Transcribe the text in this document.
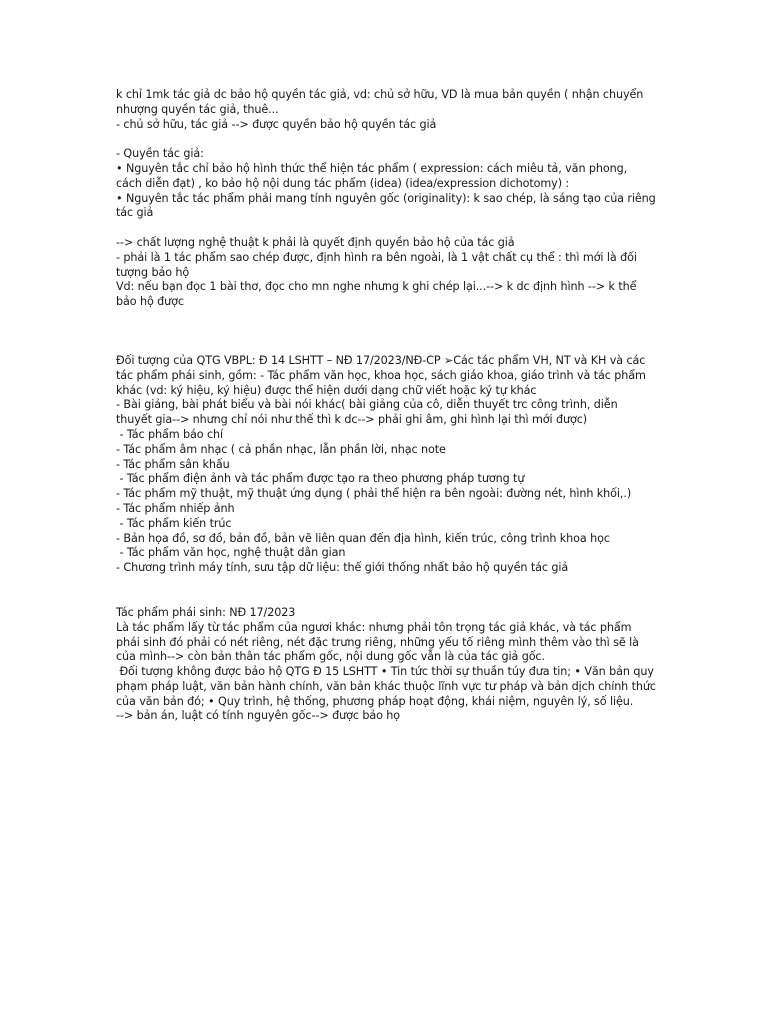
k chỉ 1mk tác giả dc bảo hộ quyền tác giả, vd: chủ sở hữu, VD là mua bản quyền ( nhận chuyển nhượng quyền tác giả, thuê...
- chủ sở hữu, tác giả --> được quyền bảo hộ quyền tác giả
- Quyền tác giả:
• Nguyên tắc chỉ bảo hộ hình thức thể hiện tác phẩm ( expression: cách miêu tả, văn phong, cách diễn đạt) , ko bảo hộ nội dung tác phẩm (idea) (idea/expression dichotomy) :
• Nguyên tắc tác phẩm phải mang tính nguyên gốc (originality): k sao chép, là sáng tạo của riêng tác giả
--> chất lượng nghệ thuật k phải là quyết định quyền bảo hộ của tác giả
- phải là 1 tác phẩm sao chép được, định hình ra bên ngoài, là 1 vật chất cụ thể : thì mới là đối tượng bảo hộ
Vd: nếu bạn đọc 1 bài thơ, đọc cho mn nghe nhưng k ghi chép lại...--> k dc định hình --> k thể bảo hộ được
Đối tượng của QTG VBPL: Đ 14 LSHTT – NĐ 17/2023/NĐ-CP ➢Các tác phẩm VH, NT và KH và các tác phẩm phái sinh, gồm: - Tác phẩm văn học, khoa học, sách giáo khoa, giáo trình và tác phẩm khác (vd: ký hiệu, ký hiệu) được thể hiện dưới dạng chữ viết hoặc ký tự khác
- Bài giảng, bài phát biểu và bài nói khác( bài giảng của cô, diễn thuyết trc công trình, diễn thuyết gia--> nhưng chỉ nói như thế thì k dc--> phải ghi âm, ghi hình lại thì mới được)
- Tác phẩm báo chí
- Tác phẩm âm nhạc ( cả phần nhạc, lẫn phần lời, nhạc note
- Tác phẩm sân khấu
- Tác phẩm điện ảnh và tác phẩm được tạo ra theo phương pháp tương tự
- Tác phẩm mỹ thuật, mỹ thuật ứng dụng ( phải thể hiện ra bên ngoài: đường nét, hình khối,.)
- Tác phẩm nhiếp ảnh
- Tác phẩm kiến trúc
- Bản họa đồ, sơ đồ, bản đồ, bản vẽ liên quan đến địa hình, kiến trúc, công trình khoa học
- Tác phẩm văn học, nghệ thuật dân gian
- Chương trình máy tính, sưu tập dữ liệu: thế giới thống nhất bảo hộ quyền tác giả
Tác phẩm phái sinh: NĐ 17/2023
Là tác phẩm lấy từ tác phẩm của ngươi khác: nhưng phải tôn trọng tác giả khác, và tác phẩm phái sinh đó phải có nét riêng, nét đặc trưng riêng, những yếu tố riêng mình thêm vào thì sẽ là của mình--> còn bản thân tác phẩm gốc, nội dung gốc vẫn là của tác giả gốc.
Đối tượng không được bảo hộ QTG Đ 15 LSHTT • Tin tức thời sự thuần túy đưa tin; • Văn bản quy phạm pháp luật, văn bản hành chính, văn bản khác thuộc lĩnh vực tư pháp và bản dịch chính thức của văn bản đó; • Quy trình, hệ thống, phương pháp hoạt động, khái niệm, nguyên lý, số liệu.
--> bản án, luật có tính nguyên gốc--> được bảo họ
